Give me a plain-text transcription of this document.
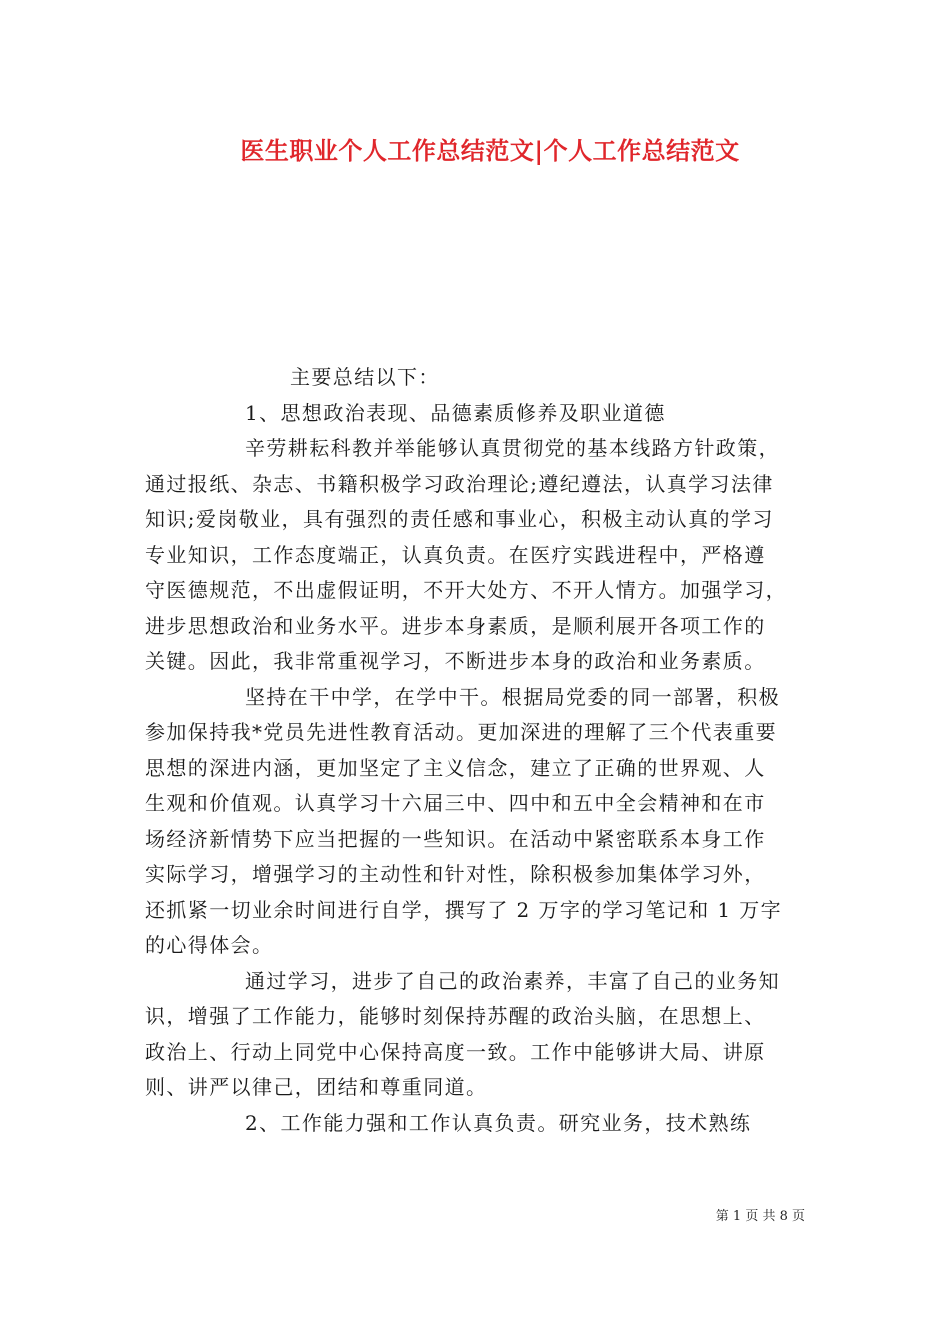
医生职业个人工作总结范文|个人工作总结范文
主要总结以下：
1、思想政治表现、品德素质修养及职业道德
辛劳耕耘科教并举能够认真贯彻党的基本线路方针政策，
通过报纸、杂志、书籍积极学习政治理论;遵纪遵法，认真学习法律
知识;爱岗敬业，具有强烈的责任感和事业心，积极主动认真的学习
专业知识，工作态度端正，认真负责。在医疗实践进程中，严格遵
守医德规范，不出虚假证明，不开大处方、不开人情方。加强学习，
进步思想政治和业务水平。进步本身素质，是顺利展开各项工作的
关键。因此，我非常重视学习，不断进步本身的政治和业务素质。
坚持在干中学，在学中干。根据局党委的同一部署，积极
参加保持我*党员先进性教育活动。更加深进的理解了三个代表重要
思想的深进内涵，更加坚定了主义信念，建立了正确的世界观、人
生观和价值观。认真学习十六届三中、四中和五中全会精神和在市
场经济新情势下应当把握的一些知识。在活动中紧密联系本身工作
实际学习，增强学习的主动性和针对性，除积极参加集体学习外，
还抓紧一切业余时间进行自学，撰写了 2 万字的学习笔记和 1 万字
的心得体会。
通过学习，进步了自己的政治素养，丰富了自己的业务知
识，增强了工作能力，能够时刻保持苏醒的政治头脑，在思想上、
政治上、行动上同党中心保持高度一致。工作中能够讲大局、讲原
则、讲严以律己，团结和尊重同道。
2、工作能力强和工作认真负责。研究业务，技术熟练
第 1 页 共 8 页
